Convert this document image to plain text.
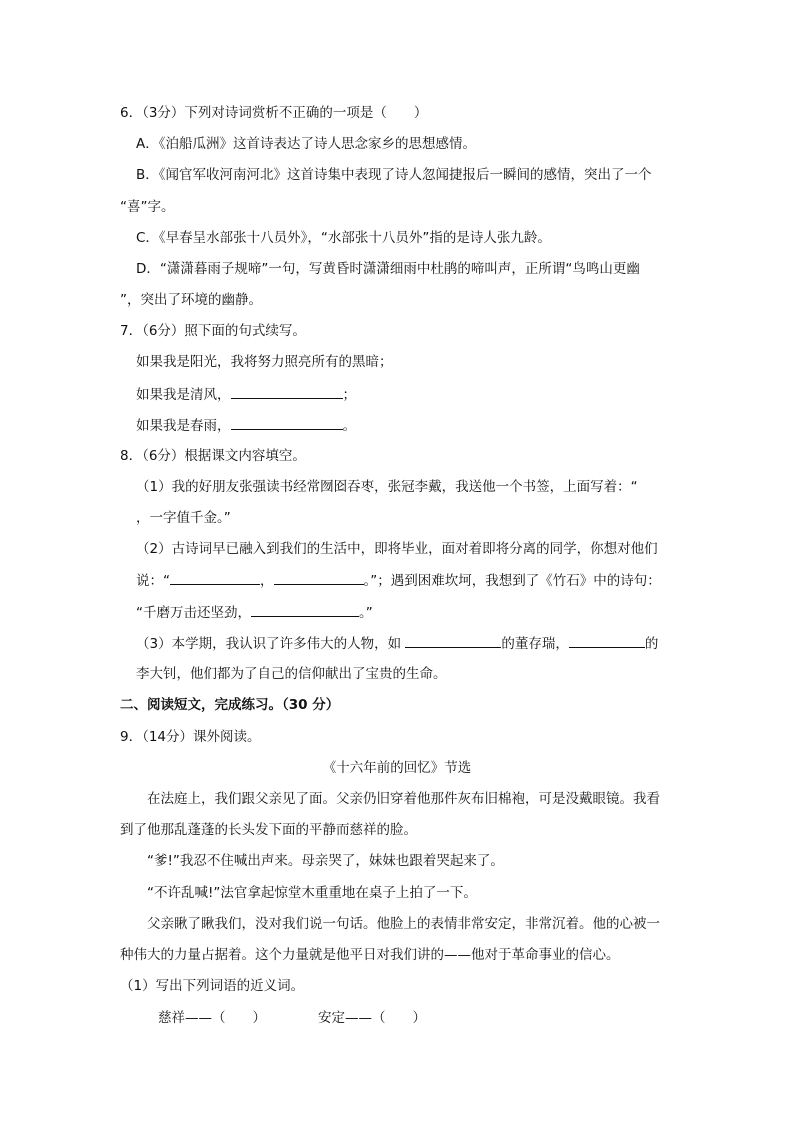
6．（3分）下列对诗词赏析不正确的一项是（　　）
A．《泊船瓜洲》这首诗表达了诗人思念家乡的思想感情。
B．《闻官军收河南河北》这首诗集中表现了诗人忽闻捷报后一瞬间的感情，突出了一个
“喜”字。
C．《早春呈水部张十八员外》，“水部张十八员外”指的是诗人张九龄。
D．“潇潇暮雨子规啼”一句，写黄昏时潇潇细雨中杜鹃的啼叫声，正所谓“鸟鸣山更幽
”，突出了环境的幽静。
7．（6分）照下面的句式续写。
如果我是阳光，我将努力照亮所有的黑暗；
如果我是清风，	；
如果我是春雨，	。
8．（6分）根据课文内容填空。
（1）我的好朋友张强读书经常囫囵吞枣，张冠李戴，我送他一个书签，上面写着：“
，一字值千金。”
（2）古诗词早已融入到我们的生活中，即将毕业，面对着即将分离的同学，你想对他们
说：“	，	。”；遇到困难坎坷，我想到了《竹石》中的诗句：
“千磨万击还坚劲，	。”
（3）本学期，我认识了许多伟大的人物，如	的董存瑞，	的
李大钊，他们都为了自己的信仰献出了宝贵的生命。
二、阅读短文，完成练习。（30 分）
9．（14分）课外阅读。
《十六年前的回忆》节选
在法庭上，我们跟父亲见了面。父亲仍旧穿着他那件灰布旧棉袍，可是没戴眼镜。我看
到了他那乱蓬蓬的长头发下面的平静而慈祥的脸。
“爹!”我忍不住喊出声来。母亲哭了，妹妹也跟着哭起来了。
“不许乱喊!”法官拿起惊堂木重重地在桌子上拍了一下。
父亲瞅了瞅我们，没对我们说一句话。他脸上的表情非常安定，非常沉着。他的心被一
种伟大的力量占据着。这个力量就是他平日对我们讲的——他对于革命事业的信心。
（1）写出下列词语的近义词。
慈祥——（　　）	安定——（　　）
